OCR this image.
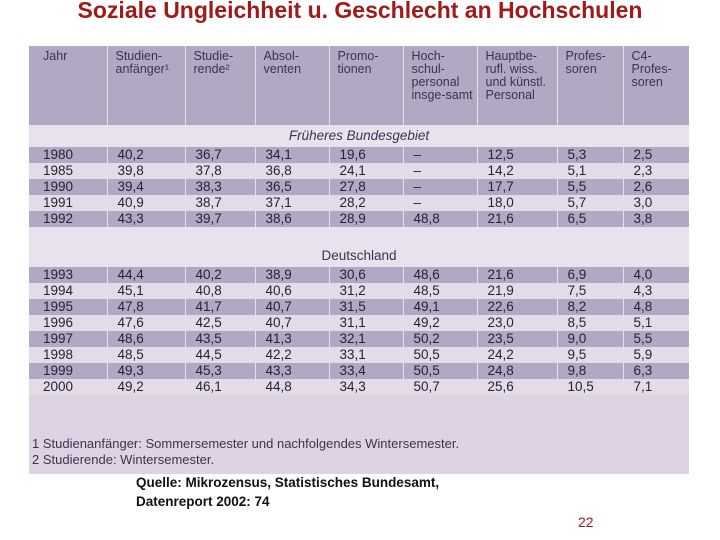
Soziale Ungleichheit u. Geschlecht an Hochschulen
Jahr	Studien-anfänger¹	Studie-rende²	Absol-venten	Promo-tionen	Hoch-schul-personal insge-samt	Hauptbe-rufl. wiss. und künstl. Personal	Profes-soren	C4-Profes-soren
Früheres Bundesgebiet								
1980	40,2	36,7	34,1	19,6	–	12,5	5,3	2,5
1985	39,8	37,8	36,8	24,1	–	14,2	5,1	2,3
1990	39,4	38,3	36,5	27,8	–	17,7	5,5	2,6
1991	40,9	38,7	37,1	28,2	–	18,0	5,7	3,0
1992	43,3	39,7	38,6	28,9	48,8	21,6	6,5	3,8

Deutschland								
1993	44,4	40,2	38,9	30,6	48,6	21,6	6,9	4,0
1994	45,1	40,8	40,6	31,2	48,5	21,9	7,5	4,3
1995	47,8	41,7	40,7	31,5	49,1	22,6	8,2	4,8
1996	47,6	42,5	40,7	31,1	49,2	23,0	8,5	5,1
1997	48,6	43,5	41,3	32,1	50,2	23,5	9,0	5,5
1998	48,5	44,5	42,2	33,1	50,5	24,2	9,5	5,9
1999	49,3	45,3	43,3	33,4	50,5	24,8	9,8	6,3
2000	49,2	46,1	44,8	34,3	50,7	25,6	10,5	7,1
1 Studienanfänger: Sommersemester und nachfolgendes Wintersemester.
2 Studierende: Wintersemester.
Quelle: Mikrozensus, Statistisches Bundesamt,
Datenreport 2002: 74
22
